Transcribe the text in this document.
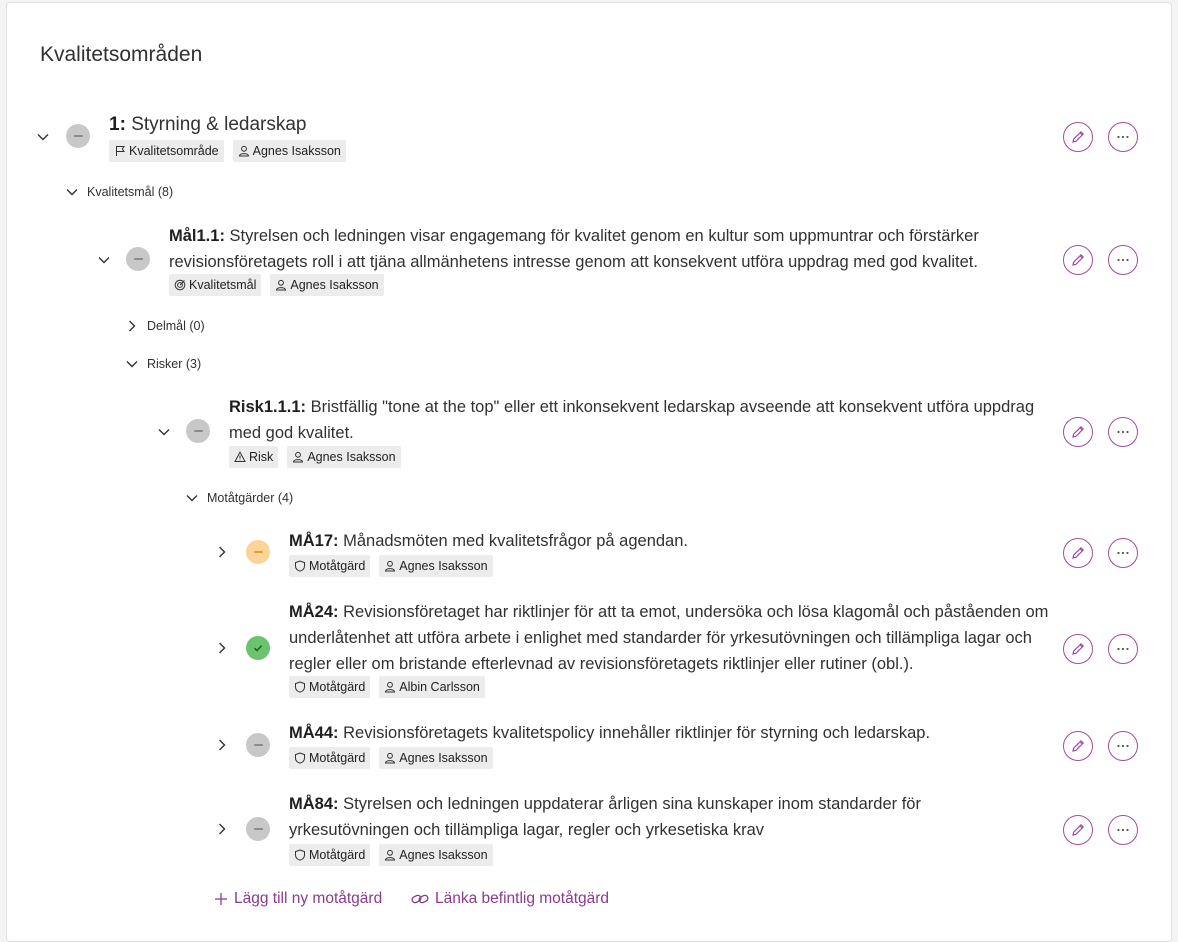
Kvalitetsområden
1: Styrning & ledarskap
Kvalitetsområde	Agnes Isaksson
Kvalitetsmål (8)
Mål1.1: Styrelsen och ledningen visar engagemang för kvalitet genom en kultur som uppmuntrar och förstärker revisionsföretagets roll i att tjäna allmänhetens intresse genom att konsekvent utföra uppdrag med god kvalitet.
Kvalitetsmål	Agnes Isaksson
Delmål (0)
Risker (3)
Risk1.1.1: Bristfällig "tone at the top" eller ett inkonsekvent ledarskap avseende att konsekvent utföra uppdrag med god kvalitet.
Risk	Agnes Isaksson
Motåtgärder (4)
MÅ17: Månadsmöten med kvalitetsfrågor på agendan.
Motåtgärd	Agnes Isaksson
MÅ24: Revisionsföretaget har riktlinjer för att ta emot, undersöka och lösa klagomål och påståenden om underlåtenhet att utföra arbete i enlighet med standarder för yrkesutövningen och tillämpliga lagar och regler eller om bristande efterlevnad av revisionsföretagets riktlinjer eller rutiner (obl.).
Motåtgärd	Albin Carlsson
MÅ44: Revisionsföretagets kvalitetspolicy innehåller riktlinjer för styrning och ledarskap.
Motåtgärd	Agnes Isaksson
MÅ84: Styrelsen och ledningen uppdaterar årligen sina kunskaper inom standarder för yrkesutövningen och tillämpliga lagar, regler och yrkesetiska krav
Motåtgärd	Agnes Isaksson
Lägg till ny motåtgärd	Länka befintlig motåtgärd
